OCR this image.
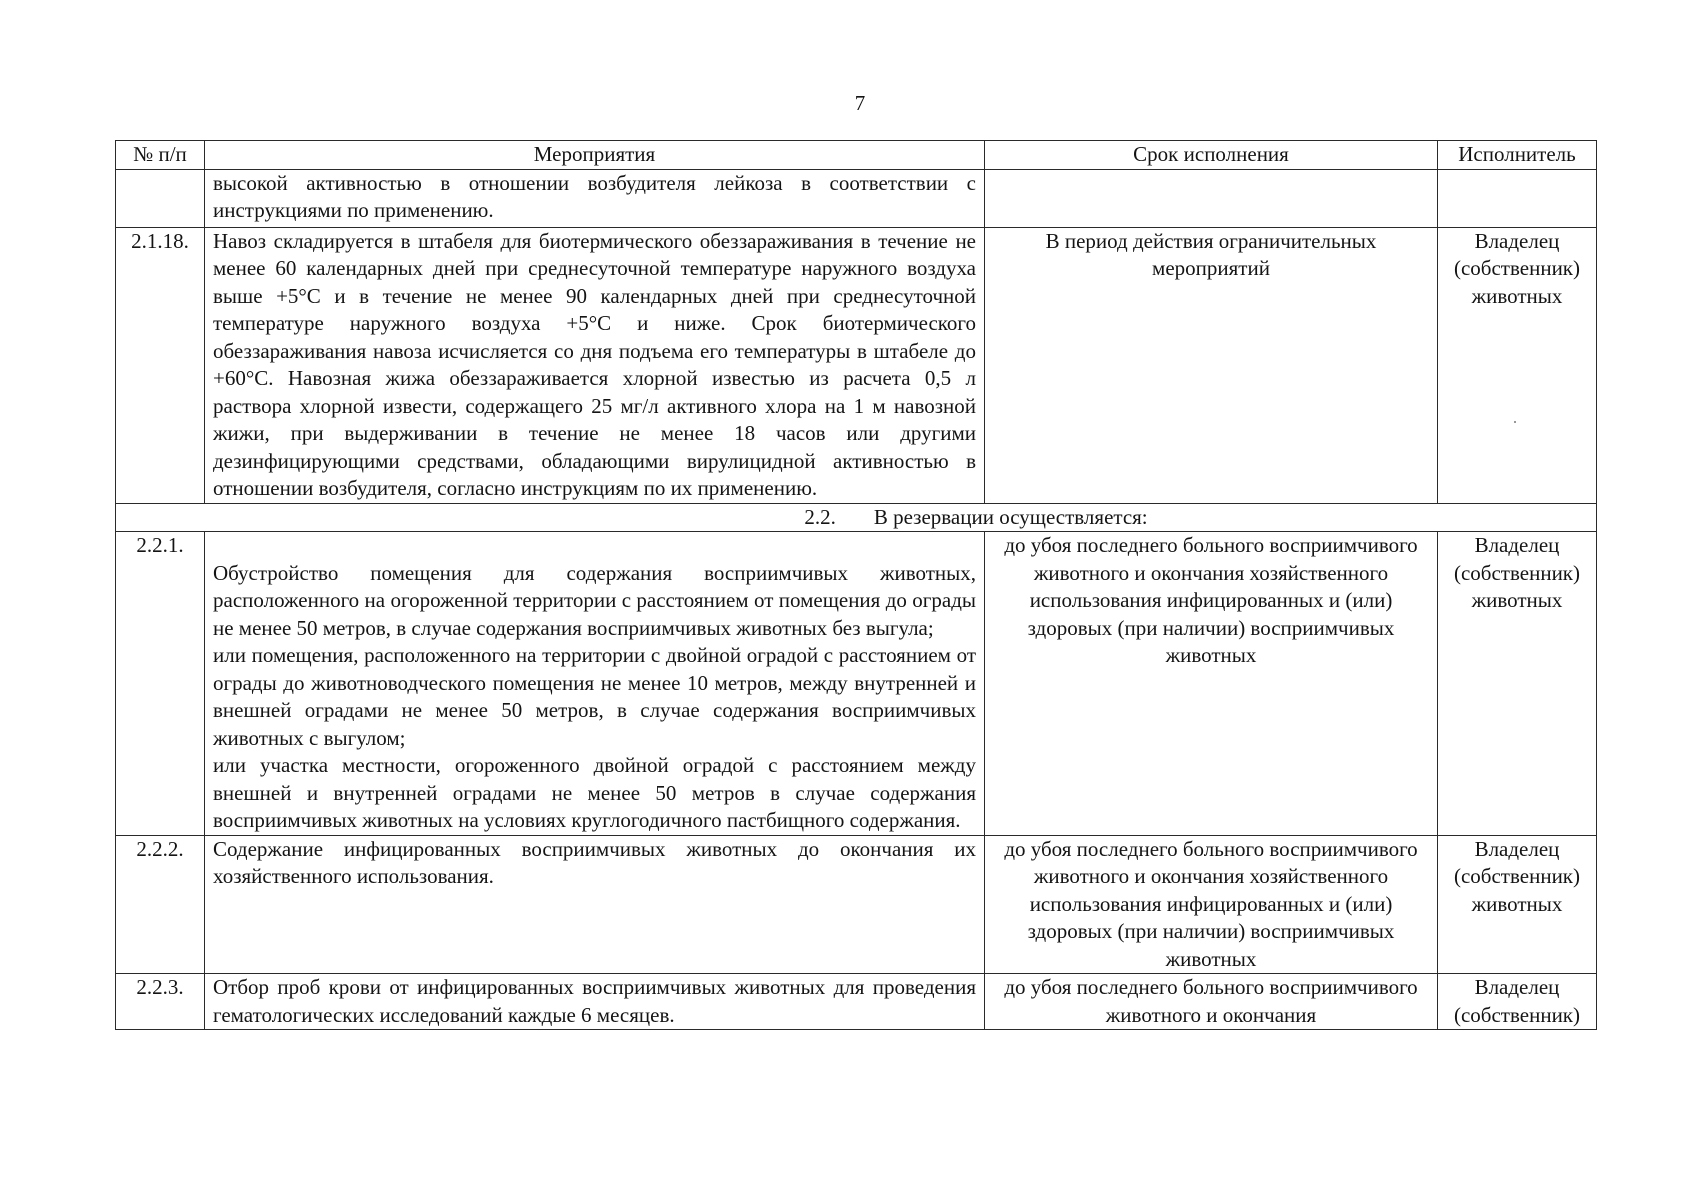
7
№ п/п	Мероприятия	Срок исполнения	Исполнитель
	высокой активностью в отношении возбудителя лейкоза в соответствии с инструкциями по применению.		
2.1.18.	Навоз складируется в штабеля для биотермического обеззараживания в течение не менее 60 календарных дней при среднесуточной температуре наружного воздуха выше +5°С и в течение не менее 90 календарных дней при среднесуточной температуре наружного воздуха +5°С и ниже. Срок биотермического обеззараживания навоза исчисляется со дня подъема его температуры в штабеле до +60°С. Навозная жижа обеззараживается хлорной известью из расчета 0,5 л раствора хлорной извести, содержащего 25 мг/л активного хлора на 1 м навозной жижи, при выдерживании в течение не менее 18 часов или другими дезинфицирующими средствами, обладающими вирулицидной активностью в отношении возбудителя, согласно инструкциям по их применению.	В период действия ограничительных мероприятий	Владелец (собственник) животных
2.2. В резервации осуществляется:			
2.2.1.	Обустройство помещения для содержания восприимчивых животных, расположенного на огороженной территории с расстоянием от помещения до ограды не менее 50 метров, в случае содержания восприимчивых животных без выгула;
или помещения, расположенного на территории с двойной оградой с расстоянием от ограды до животноводческого помещения не менее 10 метров, между внутренней и внешней оградами не менее 50 метров, в случае содержания восприимчивых животных с выгулом;
или участка местности, огороженного двойной оградой с расстоянием между внешней и внутренней оградами не менее 50 метров в случае содержания восприимчивых животных на условиях круглогодичного пастбищного содержания.	до убоя последнего больного восприимчивого животного и окончания хозяйственного использования инфицированных и (или) здоровых (при наличии) восприимчивых животных	Владелец (собственник) животных
2.2.2.	Содержание инфицированных восприимчивых животных до окончания их хозяйственного использования.	до убоя последнего больного восприимчивого животного и окончания хозяйственного использования инфицированных и (или) здоровых (при наличии) восприимчивых животных	Владелец (собственник) животных
2.2.3.	Отбор проб крови от инфицированных восприимчивых животных для проведения гематологических исследований каждые 6 месяцев.	до убоя последнего больного восприимчивого животного и окончания	Владелец (собственник)
